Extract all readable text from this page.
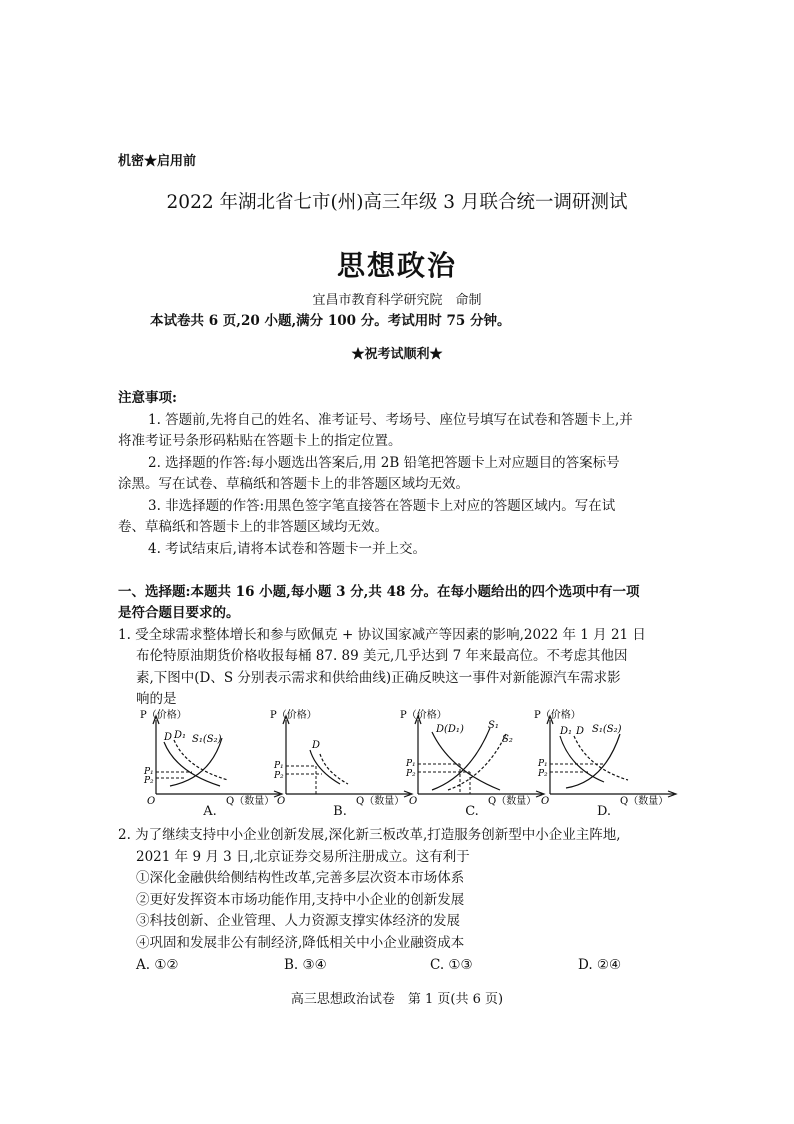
机密★启用前
2022 年湖北省七市(州)高三年级 3 月联合统一调研测试
思想政治
宜昌市教育科学研究院　命制
本试卷共 6 页,20 小题,满分 100 分。考试用时 75 分钟。
★祝考试顺利★
注意事项:
1. 答题前,先将自己的姓名、准考证号、考场号、座位号填写在试卷和答题卡上,并
将准考证号条形码粘贴在答题卡上的指定位置。
2. 选择题的作答:每小题选出答案后,用 2B 铅笔把答题卡上对应题目的答案标号
涂黑。写在试卷、草稿纸和答题卡上的非答题区域均无效。
3. 非选择题的作答:用黑色签字笔直接答在答题卡上对应的答题区域内。写在试
卷、草稿纸和答题卡上的非答题区域均无效。
4. 考试结束后,请将本试卷和答题卡一并上交。
一、选择题:本题共 16 小题,每小题 3 分,共 48 分。在每小题给出的四个选项中有一项
是符合题目要求的。
1. 受全球需求整体增长和参与欧佩克 + 协议国家减产等因素的影响,2022 年 1 月 21 日
布伦特原油期货价格收报每桶 87. 89 美元,几乎达到 7 年来最高位。不考虑其他因
素,下图中(D、S 分别表示需求和供给曲线)正确反映这一事件对新能源汽车需求影
响的是
P（价格）
Q（数量）
O
D D₁ S₁(S₂)
P₁
P₂
A.
P（价格）
Q（数量）
O
D
P₁
P₂
B.
P（价格）
Q（数量）
O
D(D₁) S₁
S₂
P₁
P₂
C.
P（价格）
Q（数量）
O
D₁ D S₁(S₂)
P₁
P₂
D.
2. 为了继续支持中小企业创新发展,深化新三板改革,打造服务创新型中小企业主阵地,
2021 年 9 月 3 日,北京证券交易所注册成立。这有利于
①深化金融供给侧结构性改革,完善多层次资本市场体系
②更好发挥资本市场功能作用,支持中小企业的创新发展
③科技创新、企业管理、人力资源支撑实体经济的发展
④巩固和发展非公有制经济,降低相关中小企业融资成本
A. ①②	B. ③④	C. ①③	D. ②④
高三思想政治试卷　第 1 页(共 6 页)
